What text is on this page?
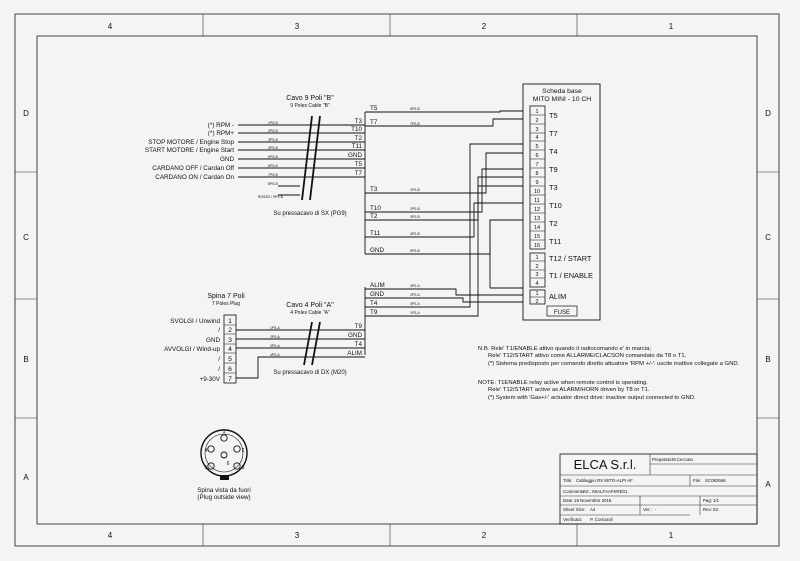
4	3	2	1
4	3	2	1
D
C
B
A
D
C
B
A
Cavo 9 Poli "B"
9 Poles Cable "B"
(*) RPM -
(*) RPM+
STOP MOTORE / Engine Stop
START MOTORE / Engine Start
GND
CARDANO OFF / Cardan Off
CARDANO ON / Cardan On
1PS-B
2PS-B
3PS-B
4PS-B
5PS-B
6PS-B
7PS-B
8PS-B
ROSSO / 9PS-B
T3
T10
T2
T11
GND
T5
T7
Su pressacavo di SX (PG9)
T5
T7
T3
T10
T2
T11
GND
6PS-B
7PS-B
1PS-B
2PS-B
3PS-B
4PS-B
5PS-B
Scheda base
MITO MINI - 10 CH
1
2
3
4
5
6
7
8
9
10
11
12
13
14
15
16
1
2
3
4
1
2
T5
T7
T4
T9
T3
T10
T2
T11
T12 / START
T1 / ENABLE
ALIM
FUSE
ALIM
GND
T4
T9
4PS-A
2PS-A
3PS-A
1PS-A
Spina 7 Poli
7 Poles Plug
1
2
3
4
5
6
7
SVOLGI / Unwind
/
GND
AVVOLGI / Wind-up
/
/
+9-30V
Cavo 4 Poli "A"
4 Poles Cable "A"
1PS-A
2PS-A
3PS-A
4PS-A
T9
GND
T4
ALIM
Su pressacavo di DX (M20)
1
2
3
4
5
6
Spina vista da fuori
(Plug outside view)
N.B. Rele' T1/ENABLE attivo quando il radiocomando e' in marcia;
Rele' T12/START attivo come ALLARME/CLACSON comandato da T8 o T1.
(*) Sistema predisposto per comando diretto attuatore 'RPM +/-': uscite inattive collegate a GND.
NOTE: T1ENABLE relay active when remote control is operating.
Rele' T12/START active as ALARM/HORN driven by T8 or T1.
(*) System with 'Gas+/-' actuator direct drive: inactive output connected to GND.
ELCA S.r.l.	Preparato: M.Ceccato
Title: Cablaggio RX MITO-ALPI AF	File: SC082666
Comments:
Art.: MIALFAAFKRE01
Date: 19 Novembre 2018	Pag: 1/1
Sheet Size: A4	Ver.: -	Rev: 03
Verificato: P. Cornaroli
